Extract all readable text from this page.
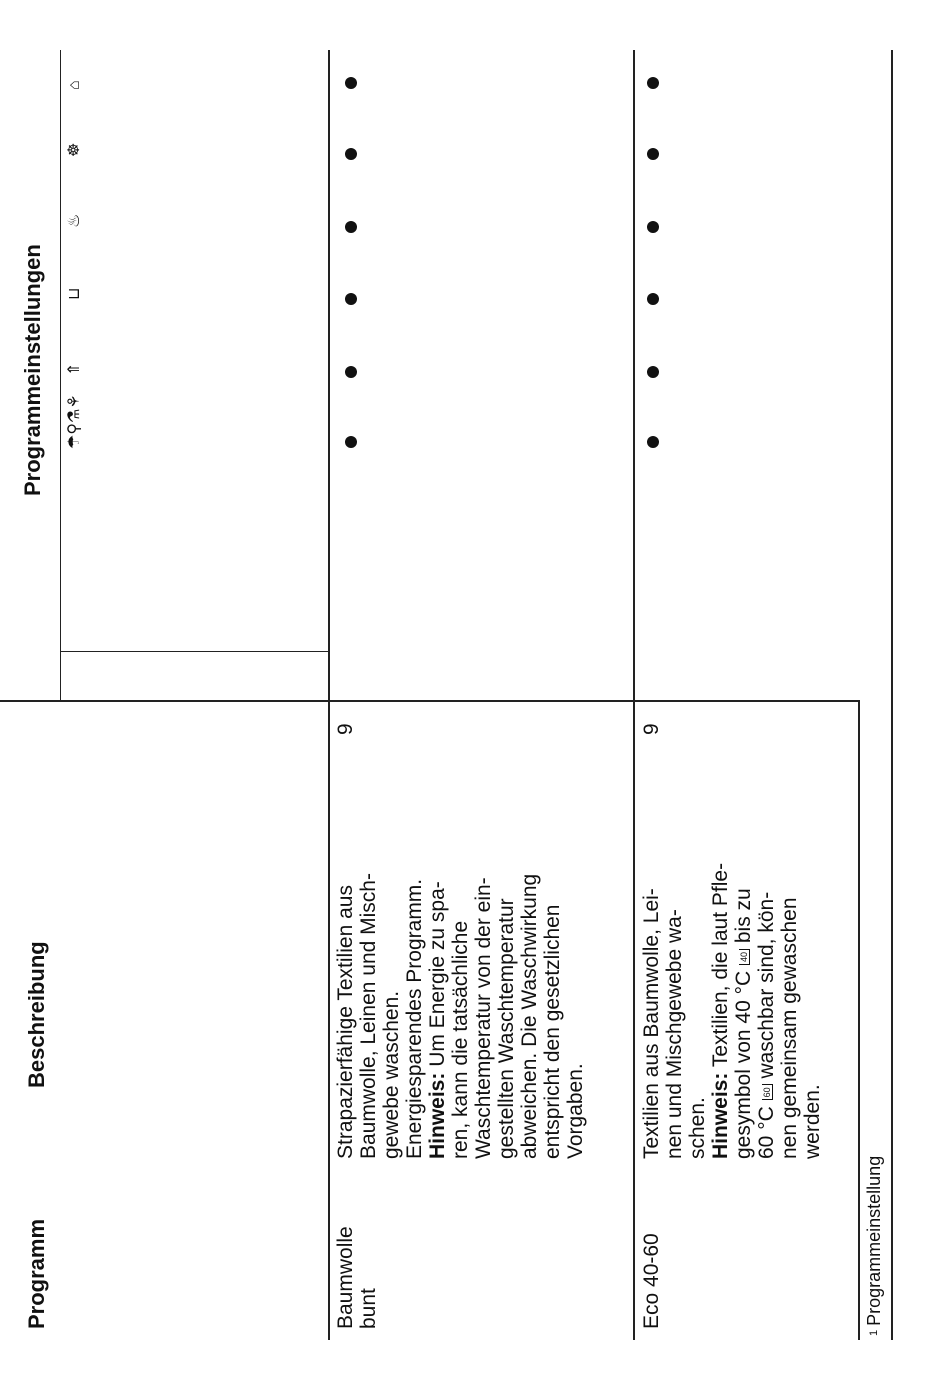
Programm
Beschreibung
Programmeinstellungen ☂⚲⚗⚘
⇑
⊔
♨
☸
⌂
Baumwolle bunt
Strapazierfähige Textilien aus Baumwolle, Leinen und Misch- gewebe waschen. Energiesparendes Programm. Hinweis: Um Energie zu spa- ren, kann die tatsächliche Waschtemperatur von der ein- gestellten Waschtemperatur abweichen. Die Waschwirkung entspricht den gesetzlichen Vorgaben.
9
Eco 40-60
Textilien aus Baumwolle, Lei- nen und Mischgewebe wa- schen. Hinweis: Textilien, die laut Pfle- gesymbol von 40 °C 40 bis zu
60 °C 60 waschbar sind, kön- nen gemeinsam gewaschen werden.
9
$^1$Programmeinstellung
